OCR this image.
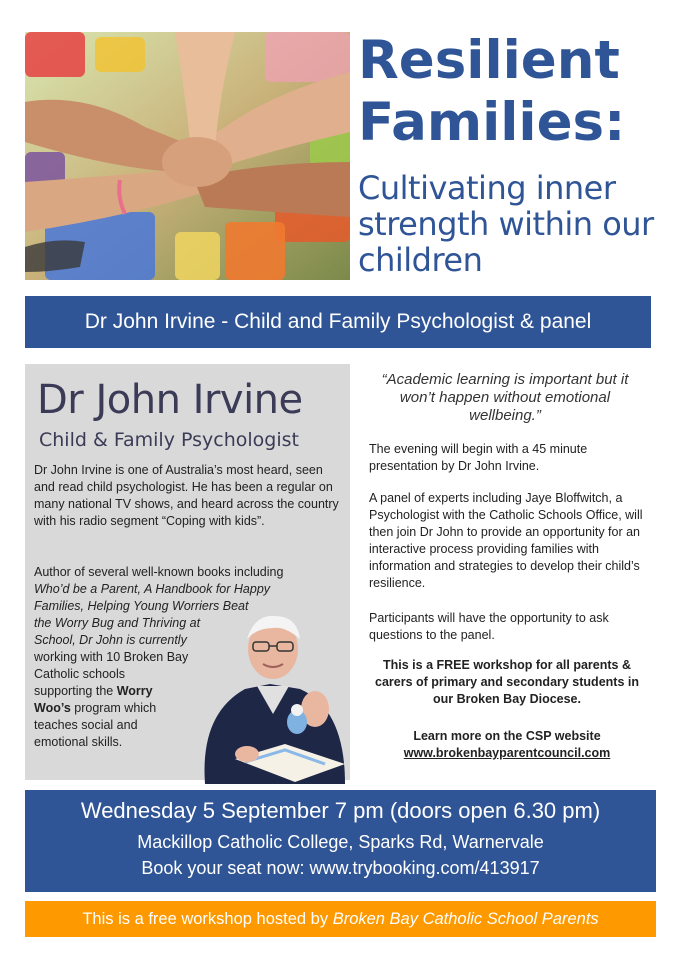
Resilient
Families:
Cultivating inner strength within our children
Dr John Irvine - Child and Family Psychologist & panel
Dr John Irvine
Child & Family Psychologist
Dr John Irvine is one of Australia’s most heard, seen and read child psychologist. He has been a regular on many national TV shows, and heard across the country with his radio segment “Coping with kids”.
Author of several well-known books including
Who’d be a Parent, A Handbook for Happy
Families, Helping Young Worriers Beat
the Worry Bug and Thriving at
School, Dr John is currently
working with 10 Broken Bay
Catholic schools
supporting the Worry
Woo’s program which
teaches social and
emotional skills.
“Academic learning is important but it won’t happen without emotional wellbeing.”
The evening will begin with a 45 minute presentation by Dr John Irvine.
A panel of experts including Jaye Bloffwitch, a Psychologist with the Catholic Schools Office, will then join Dr John to provide an opportunity for an interactive process providing families with information and strategies to develop their child’s resilience.
Participants will have the opportunity to ask questions to the panel.
This is a FREE workshop for all parents & carers of primary and secondary students in our Broken Bay Diocese.
Learn more on the CSP website
www.brokenbayparentcouncil.com
Wednesday 5 September 7 pm (doors open 6.30 pm)
Mackillop Catholic College, Sparks Rd, Warnervale
Book your seat now: www.trybooking.com/413917
This is a free workshop hosted by Broken Bay Catholic School Parents
